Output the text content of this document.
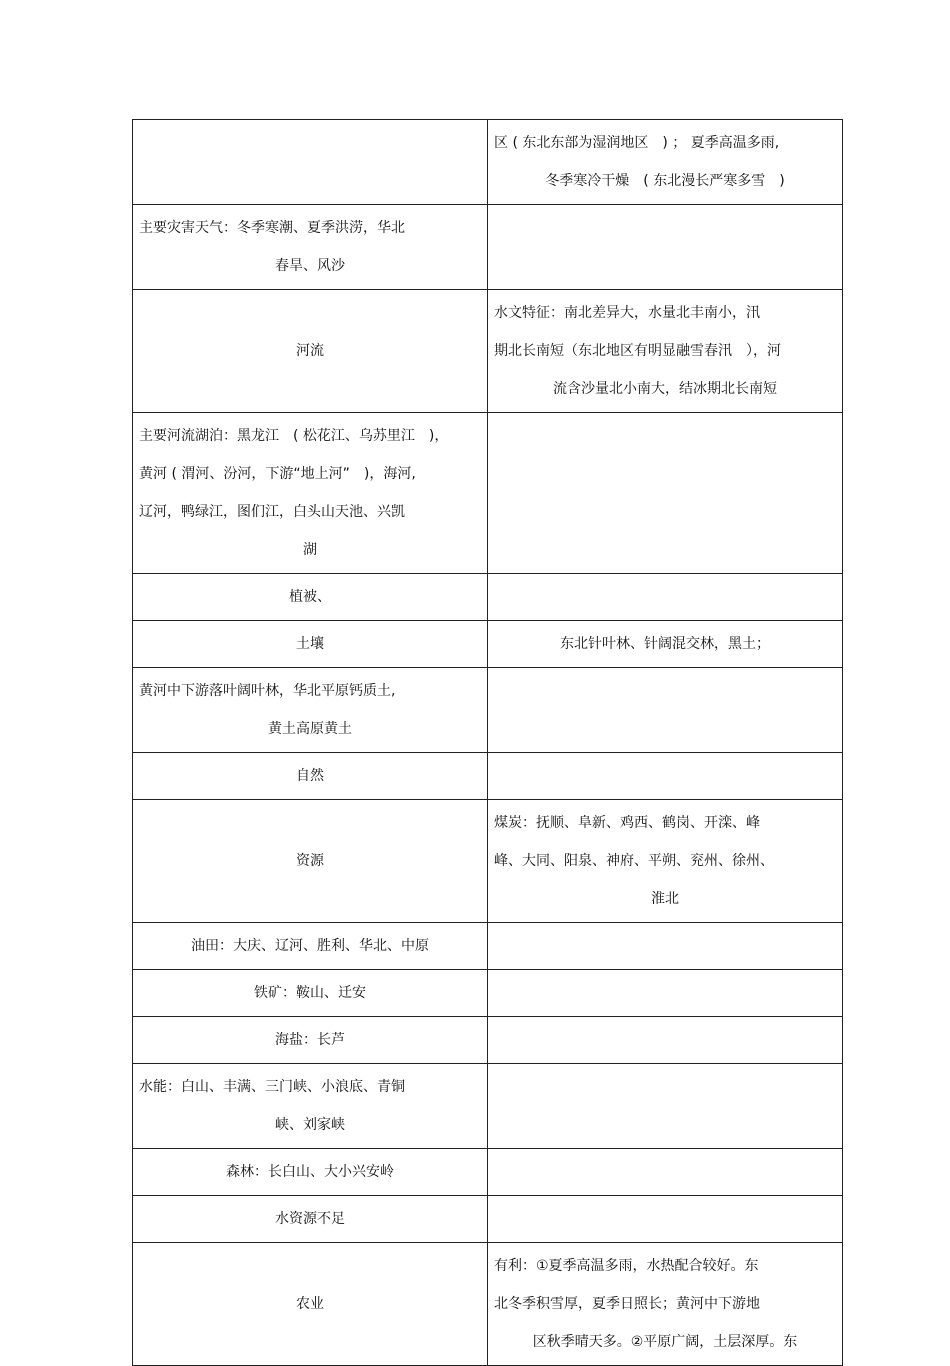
	区 ( 东北东部为湿润地区　) ； 夏季高温多雨,
冬季寒冷干燥　( 东北漫长严寒多雪　)

主要灾害天气：冬季寒潮、夏季洪涝，华北
春旱、风沙	

河流	水文特征：南北差异大，水量北丰南小，汛
期北长南短（东北地区有明显融雪春汛　），河
流含沙量北小南大，结冰期北长南短

主要河流湖泊：黑龙江　( 松花江、乌苏里江　)，
黄河 ( 渭河、汾河，下游“地上河”　)，海河,
辽河，鸭绿江，图们江，白头山天池、兴凯
湖	

植被、	

土壤	东北针叶林、针阔混交林，黑土；

黄河中下游落叶阔叶林，华北平原钙质土,
黄土高原黄土	

自然	

资源	煤炭：抚顺、阜新、鸡西、鹤岗、开滦、峰
峰、大同、阳泉、神府、平朔、兖州、徐州、
淮北

油田：大庆、辽河、胜利、华北、中原	

铁矿：鞍山、迁安	

海盐：长芦	

水能：白山、丰满、三门峡、小浪底、青铜
峡、刘家峡	

森林：长白山、大小兴安岭	

水资源不足	

农业	有利：①夏季高温多雨，水热配合较好。东
北冬季积雪厚，夏季日照长；黄河中下游地
区秋季晴天多。②平原广阔，土层深厚。东
